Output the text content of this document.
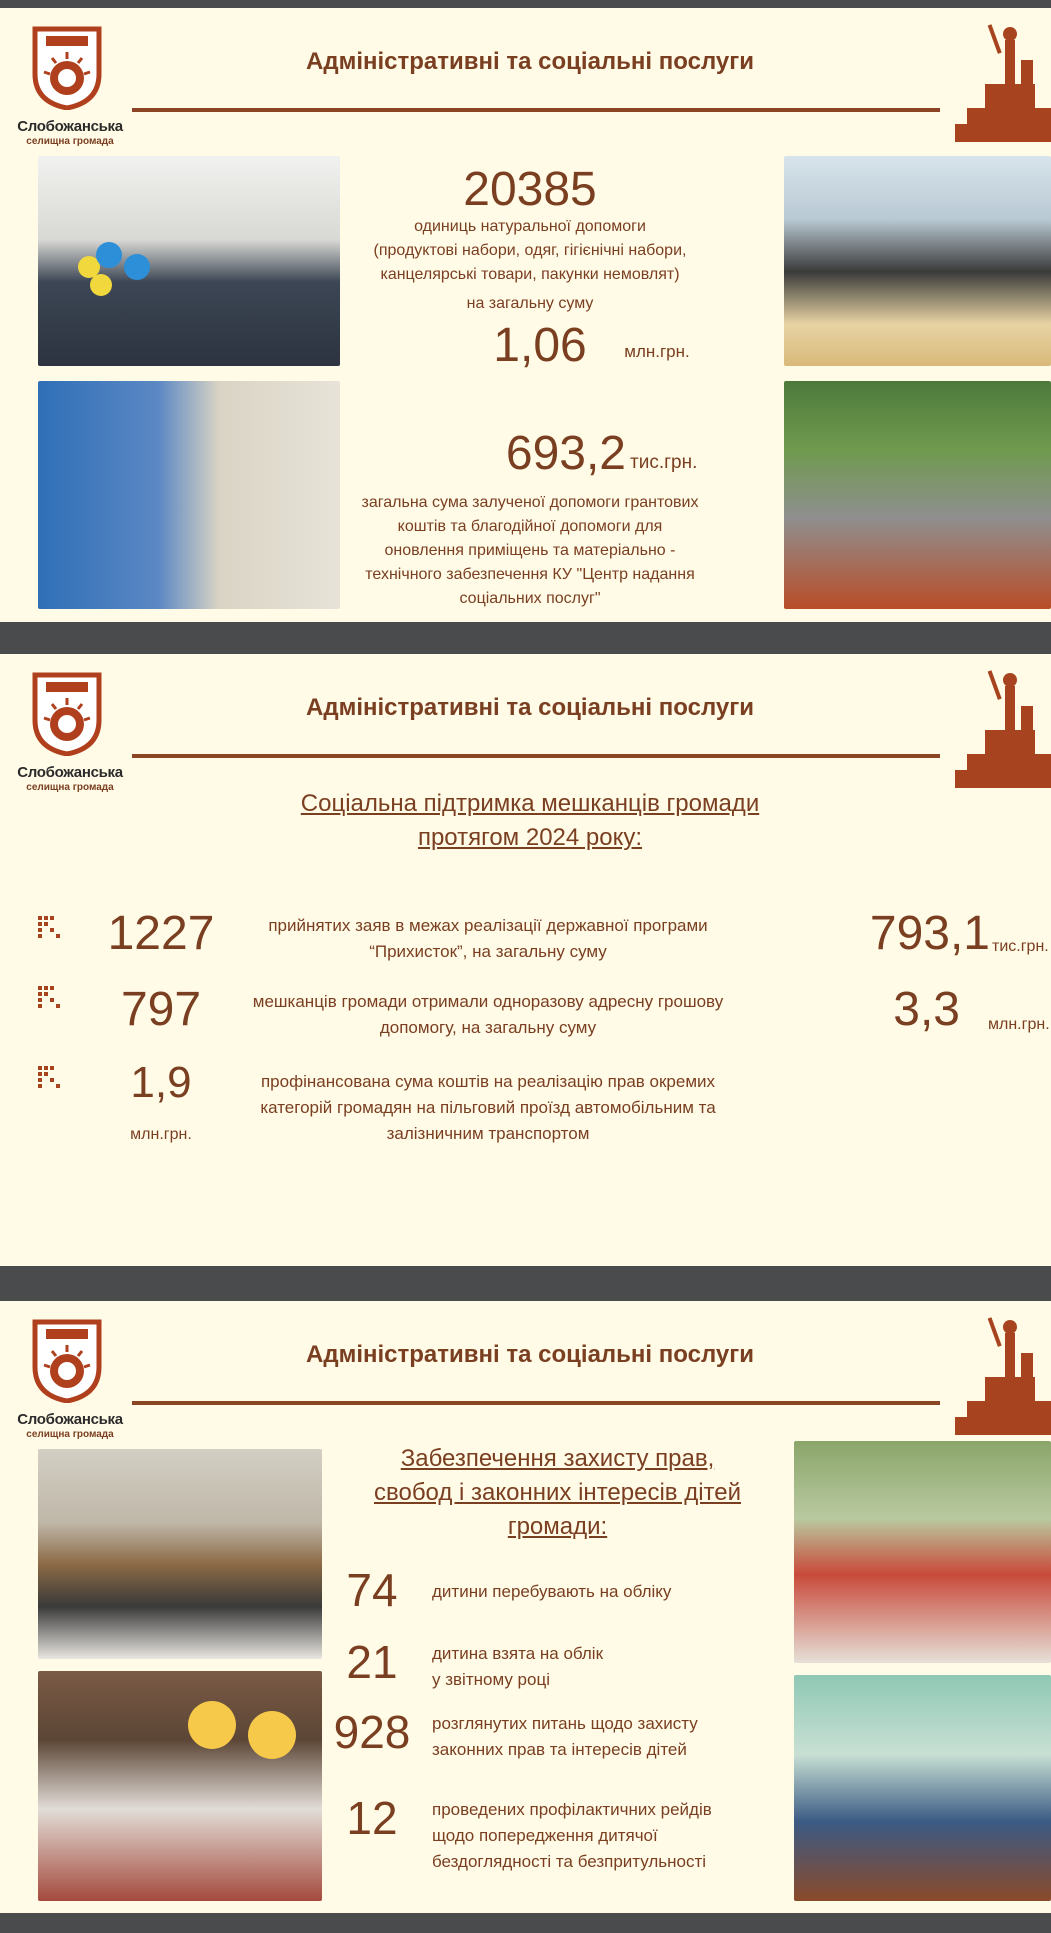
Слобожанська
селищна громада
Адміністративні та соціальні послуги
20385
одиниць натуральної допомоги
(продуктові набори, одяг, гігієнічні набори,
канцелярські товари, пакунки немовлят)
на загальну суму
1,06	млн.грн.
693,2 тис.грн.
загальна сума залученої допомоги грантових
коштів та благодійної допомоги для
оновлення приміщень та матеріально -
технічного забезпечення КУ "Центр надання
соціальних послуг"
Слобожанська
селищна громада
Адміністративні та соціальні послуги
Соціальна підтримка мешканців громади
протягом 2024 року:
1227	прийнятих заяв в межах реалізації державної програми
“Прихисток”, на загальну суму	793,1 тис.грн.
797	мешканців громади отримали одноразову адресну грошову
допомогу, на загальну суму	3,3 млн.грн.
1,9
млн.грн.
профінансована сума коштів на реалізацію прав окремих
категорій громадян на пільговий проїзд автомобільним та
залізничним транспортом
Слобожанська
селищна громада
Адміністративні та соціальні послуги
Забезпечення захисту прав,
свобод і законних інтересів дітей
громади:
74	дитини перебувають на обліку
21	дитина взята на облік
у звітному році
928	розглянутих питань щодо захисту
законних прав та інтересів дітей
12	проведених профілактичних рейдів
щодо попередження дитячої
бездоглядності та безпритульності
